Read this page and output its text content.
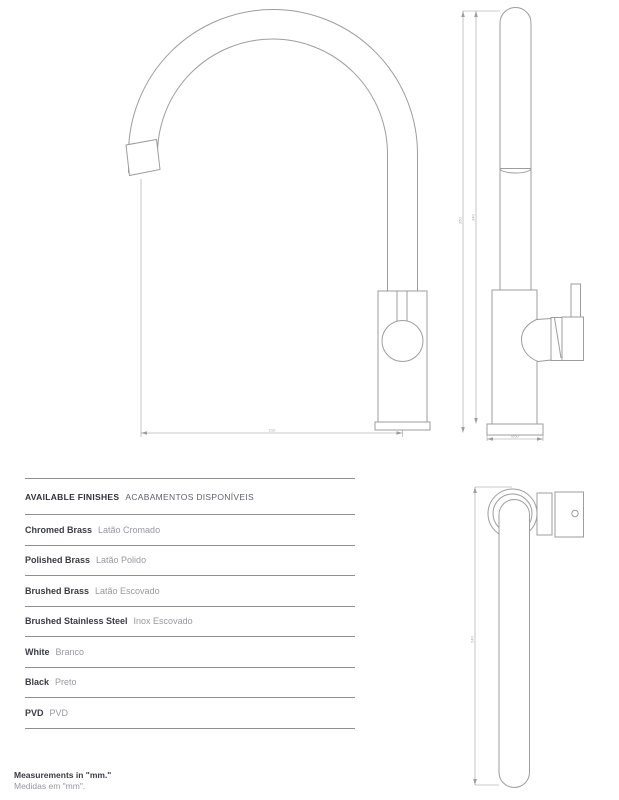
210
350 340
Ø50
240
AVAILABLE FINISHES ACABAMENTOS DISPONÍVEIS
Chromed Brass Latão Cromado
Polished Brass Latão Polido
Brushed Brass Latão Escovado
Brushed Stainless Steel Inox Escovado
White Branco
Black Preto
PVD PVD
Measurements in "mm."
Medidas em "mm".
